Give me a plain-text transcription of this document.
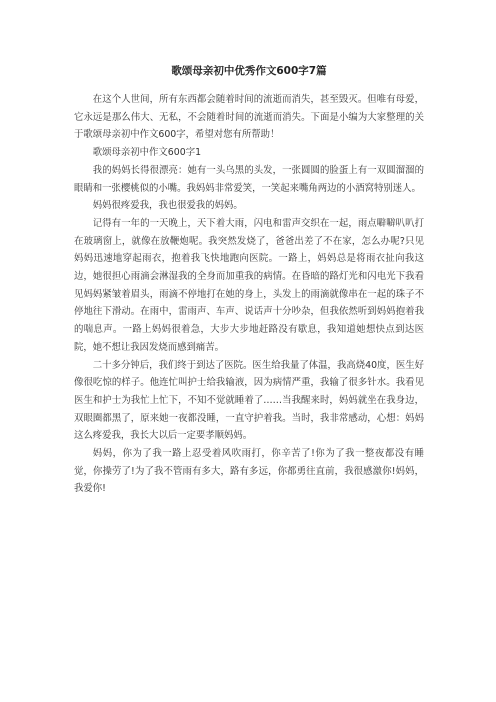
歌颂母亲初中优秀作文600字7篇

在这个人世间，所有东西都会随着时间的流逝而消失，甚至毁灭。但唯有母爱，它永远是那么伟大、无私，不会随着时间的流逝而消失。下面是小编为大家整理的关于歌颂母亲初中作文600字，希望对您有所帮助！

歌颂母亲初中作文600字1

我的妈妈长得很漂亮：她有一头乌黑的头发，一张圆圆的脸蛋上有一双圆溜溜的眼睛和一张樱桃似的小嘴。我妈妈非常爱笑，一笑起来嘴角两边的小酒窝特别迷人。

妈妈很疼爱我，我也很爱我的妈妈。

记得有一年的一天晚上，天下着大雨，闪电和雷声交织在一起，雨点噼噼叭叭打在玻璃窗上，就像在放鞭炮呢。我突然发烧了，爸爸出差了不在家，怎么办呢?只见妈妈迅速地穿起雨衣，抱着我飞快地跑向医院。一路上，妈妈总是将雨衣扯向我这边，她很担心雨滴会淋湿我的全身而加重我的病情。在昏暗的路灯光和闪电光下我看见妈妈紧皱着眉头，雨滴不停地打在她的身上，头发上的雨滴就像串在一起的珠子不停地往下滑动。在雨中，雷雨声、车声、说话声十分吵杂，但我依然听到妈妈抱着我的喘息声。一路上妈妈很着急，大步大步地赶路没有歇息，我知道她想快点到达医院，她不想让我因发烧而感到痛苦。

二十多分钟后，我们终于到达了医院。医生给我量了体温，我高烧40度，医生好像很吃惊的样子。他连忙叫护士给我输液，因为病情严重，我输了很多针水。我看见医生和护士为我忙上忙下，不知不觉就睡着了……当我醒来时，妈妈就坐在我身边，双眼圈都黑了，原来她一夜都没睡，一直守护着我。当时，我非常感动，心想：妈妈这么疼爱我，我长大以后一定要孝顺妈妈。

妈妈，你为了我一路上忍受着风吹雨打，你辛苦了!你为了我一整夜都没有睡觉，你操劳了!为了我不管雨有多大，路有多远，你都勇往直前，我很感激你!妈妈，我爱你!
